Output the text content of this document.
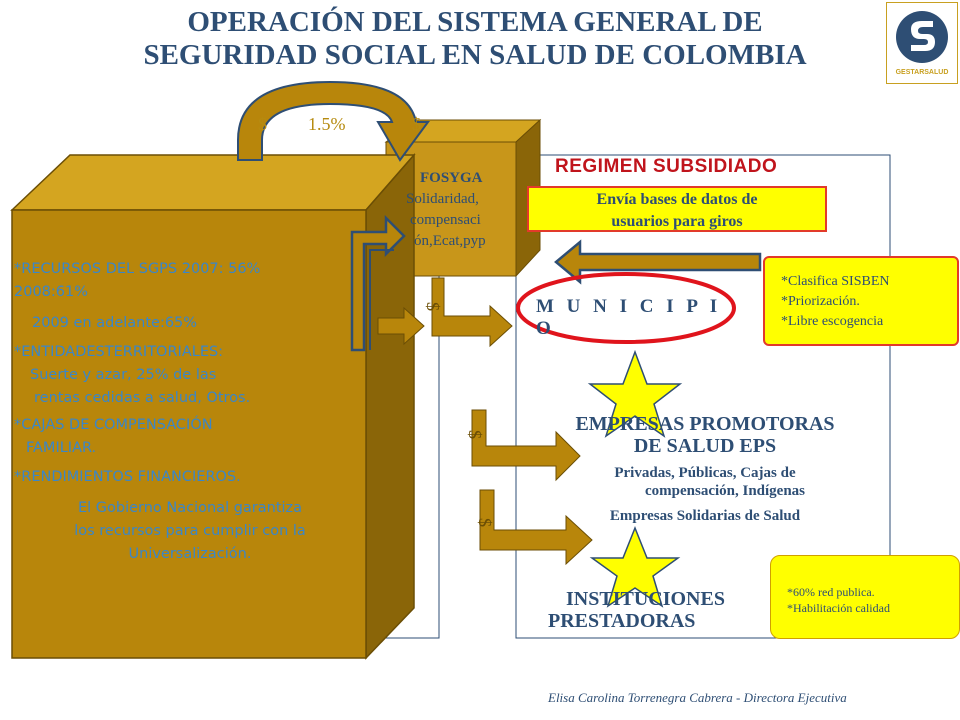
OPERACIÓN DEL SISTEMA GENERAL DE
SEGURIDAD SOCIAL EN SALUD DE COLOMBIA
GESTARSALUD
$ 1.5%	$
FOSYGA
Solidaridad,
compensaci
ón,Ecat,pyp
*RECURSOS DEL SGPS 2007: 56%
2008:61%
2009 en adelante:65%
*ENTIDADESTERRITORIALES:
Suerte y azar, 25% de las
rentas cedidas a salud, Otros.
*CAJAS DE COMPENSACIÓN
FAMILIAR.
*RENDIMIENTOS FINANCIEROS.
El Gobierno Nacional garantiza
los recursos para cumplir con la
Universalización.
REGIMEN SUBSIDIADO
Envía bases de datos de
usuarios para giros
*Clasifica SISBEN
*Priorización.
*Libre escogencia
M U N I C I P I O
$
$
$
EMPRESAS PROMOTORAS
DE SALUD EPS
Privadas, Públicas, Cajas de
compensación, Indígenas
Empresas Solidarias de Salud
INSTITUCIONES
PRESTADORAS
*60% red publica.
*Habilitación calidad
Elisa Carolina Torrenegra Cabrera - Directora Ejecutiva
